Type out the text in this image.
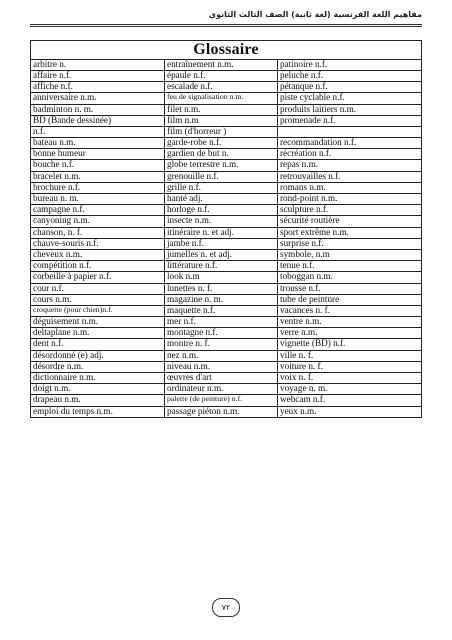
مفاهيم اللغة الفرنسية (لغة ثانية) الصف الثالث الثانوي
Glossaire		
arbitre n.	entraînement n.m.	patinoire n.f.
affaire n.f.	épaule n.f.	peluche n.f.
affiche n.f.	escalade n.f.	pétanque n.f.
anniversaire n.m.	feu de signalisation n.m.	piste cyclable n.f.
badminton n. m.	filet n.m.	produits laitiers n.m.
BD (Bande dessinée)	film n.m	promenade n.f.
n.f.	film (d'horreur )	
bateau n.m.	garde-robe n.f.	recommandation n.f.
bonne humeur	gardien de but n.	récréation n.f.
bouche n.f.	globe terrestre n.m.	repas n.m.
bracelet n.m.	grenouille n.f.	retrouvailles n.f.
brochure n.f.	grille n.f.	romans n.m.
bureau n. m.	hanté adj.	rond-point n.m.
campagne n.f.	horloge n.f.	sculpture n.f.
canyoning n.m.	insecte n.m.	sécurité routière
chanson, n. f.	itinéraire n. et adj.	sport extrême n.m.
chauve-souris n.f.	jambe n.f.	surprise n.f.
cheveux n.m.	jumelles n. et adj.	symbole, n.m
compétition n.f.	littérature n.f.	tenue n.f.
corbeille à papier n.f.	look n.m	toboggan n.m.
cour n.f.	lunettes n. f.	trousse n.f.
cours n.m.	magazine n. m.	tube de peinture
croquette (pour chien)n.f.	maquette n.f.	vacances n. f.
déguisement n.m.	mer n.f.	ventre n.m.
deltaplane n.m.	montagne n.f.	verre n.m.
dent n.f.	montre n. f.	vignette (BD) n.f.
désordonné (e) adj.	nez n.m.	ville n. f.
désordre n.m.	niveau n.m.	voiture n. f.
dictionnaire n.m.	œuvres d'art	voix n. f.
doigt n.m.	ordinateur n.m.	voyage n. m.
drapeau n.m.	palette (de peinture) n.f.	webcam n.f.
emploi du temps n.m.	passage piéton n.m.	yeux n.m.
٧٢
